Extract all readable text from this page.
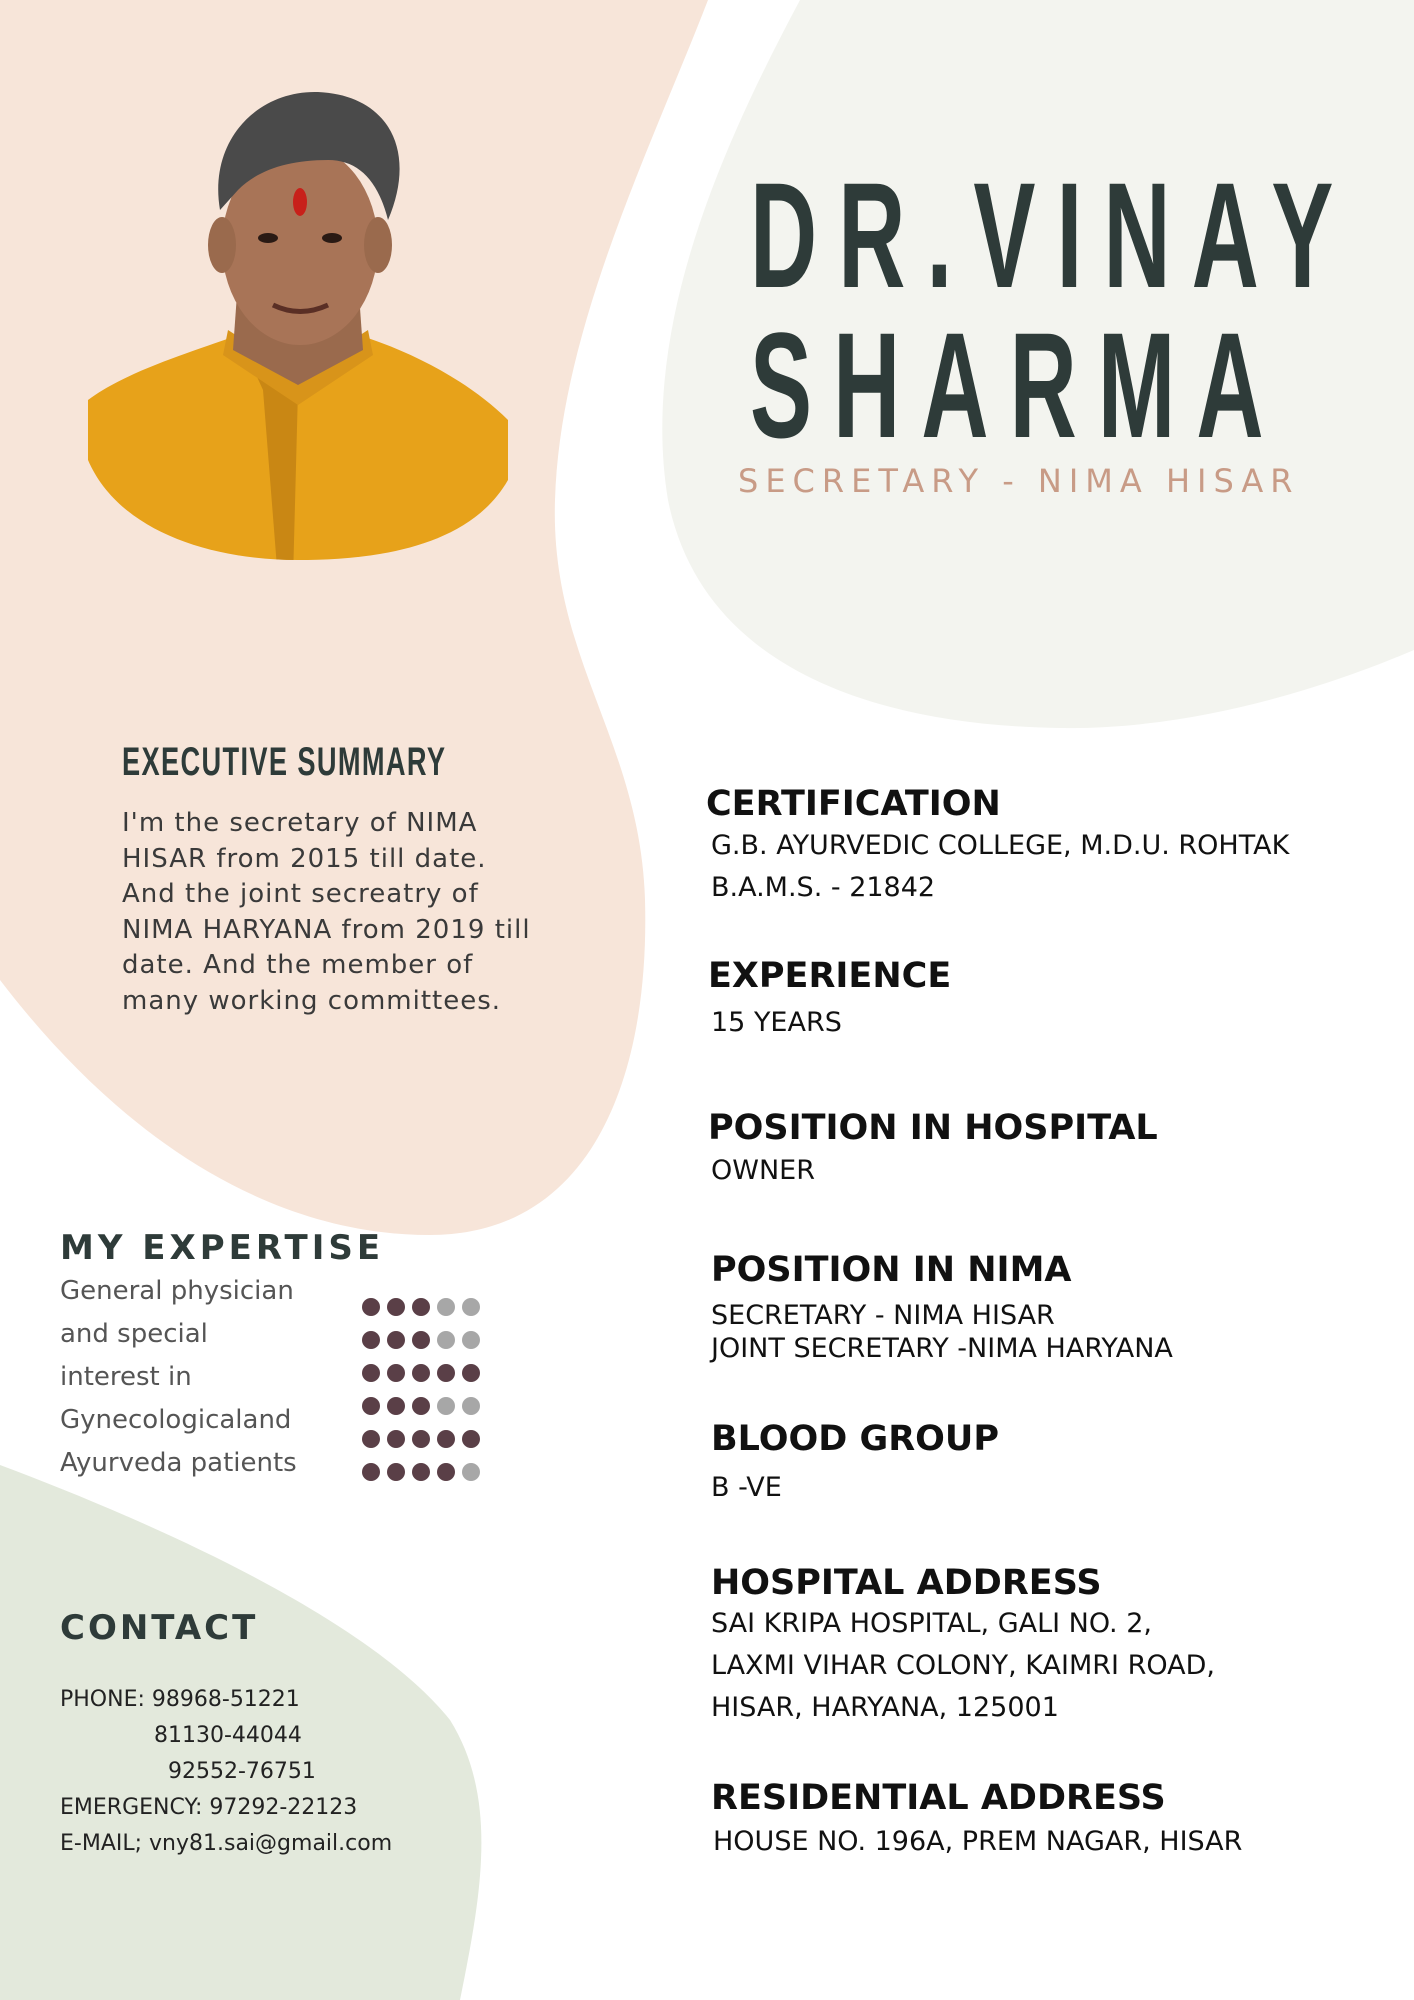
DR.VINAY
SHARMA
SECRETARY - NIMA HISAR
EXECUTIVE SUMMARY

I'm the secretary of NIMA
HISAR from 2015 till date.
And the joint secreatry of
NIMA HARYANA from 2019 till
date. And the member of
many working committees.

MY EXPERTISE

General physician
and special
interest in
Gynecologicaland
Ayurveda patients

CONTACT
PHONE: 98968-51221
81130-44044
92552-76751
EMERGENCY: 97292-22123
E-MAIL; vny81.sai@gmail.com
CERTIFICATION
G.B. AYURVEDIC COLLEGE, M.D.U. ROHTAK
B.A.M.S. - 21842
EXPERIENCE
15 YEARS
POSITION IN HOSPITAL
OWNER
POSITION IN NIMA
SECRETARY - NIMA HISAR
JOINT SECRETARY -NIMA HARYANA
BLOOD GROUP
B -VE
HOSPITAL ADDRESS
SAI KRIPA HOSPITAL, GALI NO. 2,
LAXMI VIHAR COLONY, KAIMRI ROAD,
HISAR, HARYANA, 125001
RESIDENTIAL ADDRESS
HOUSE NO. 196A, PREM NAGAR, HISAR
